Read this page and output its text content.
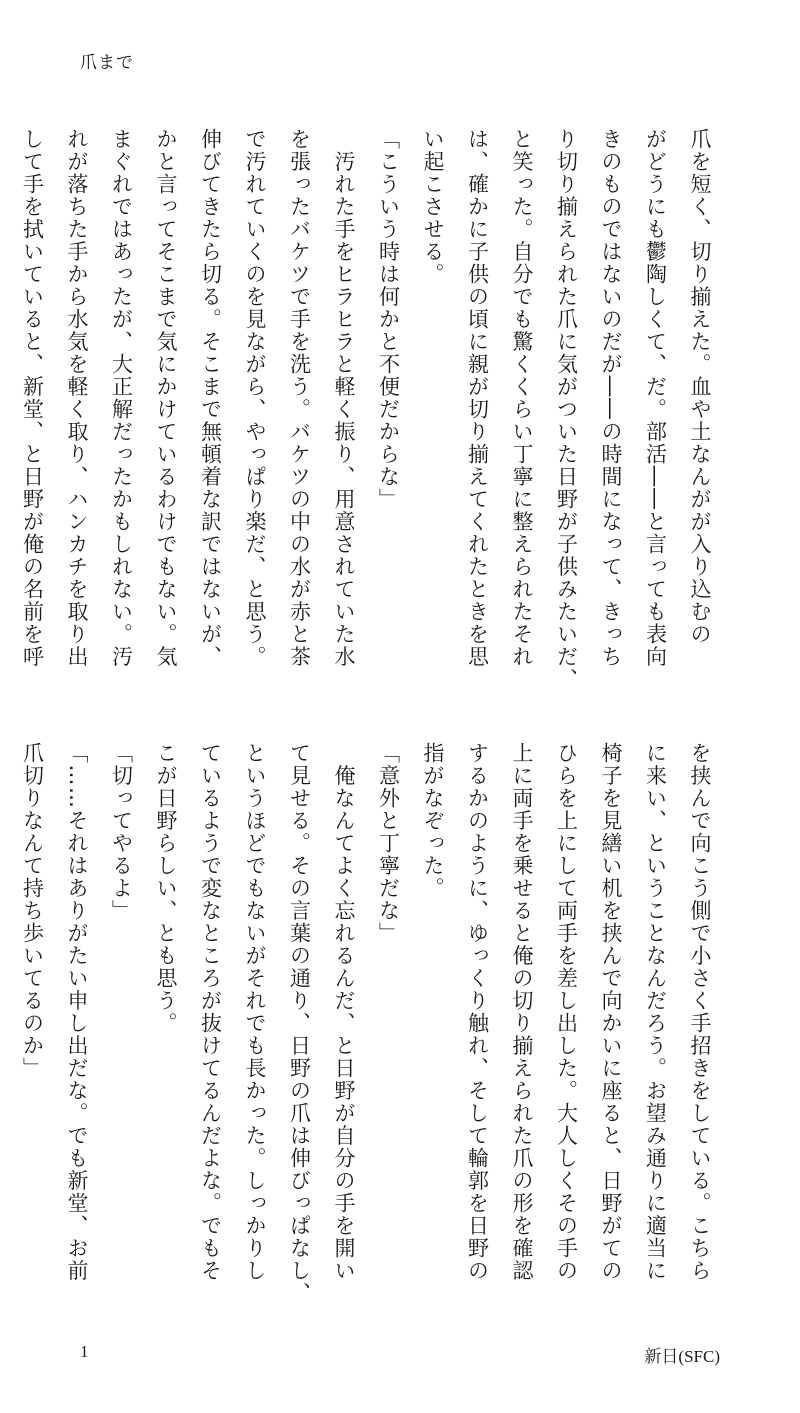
爪まで
爪を短く、切り揃えた。血や土なんがが入り込むの
がどうにも鬱陶しくて、だ。部活――と言っても表向
きのものではないのだが――の時間になって、きっち
り切り揃えられた爪に気がついた日野が子供みたいだ、
と笑った。自分でも驚くくらい丁寧に整えられたそれ
は、確かに子供の頃に親が切り揃えてくれたときを思
い起こさせる。
「こういう時は何かと不便だからな」
　汚れた手をヒラヒラと軽く振り、用意されていた水
を張ったバケツで手を洗う。バケツの中の水が赤と茶
で汚れていくのを見ながら、やっぱり楽だ、と思う。
伸びてきたら切る。そこまで無頓着な訳ではないが、
かと言ってそこまで気にかけているわけでもない。気
まぐれではあったが、大正解だったかもしれない。汚
れが落ちた手から水気を軽く取り、ハンカチを取り出
して手を拭いていると、新堂、と日野が俺の名前を呼
を挟んで向こう側で小さく手招きをしている。こちら
に来い、ということなんだろう。お望み通りに適当に
椅子を見繕い机を挟んで向かいに座ると、日野がての
ひらを上にして両手を差し出した。大人しくその手の
上に両手を乗せると俺の切り揃えられた爪の形を確認
するかのように、ゆっくり触れ、そして輪郭を日野の
指がなぞった。
「意外と丁寧だな」
　俺なんてよく忘れるんだ、と日野が自分の手を開い
て見せる。その言葉の通り、日野の爪は伸びっぱなし、
というほどでもないがそれでも長かった。しっかりし
ているようで変なところが抜けてるんだよな。でもそ
こが日野らしい、とも思う。
「切ってやるよ」
「……それはありがたい申し出だな。でも新堂、お前
爪切りなんて持ち歩いてるのか」
1	新日(SFC)
